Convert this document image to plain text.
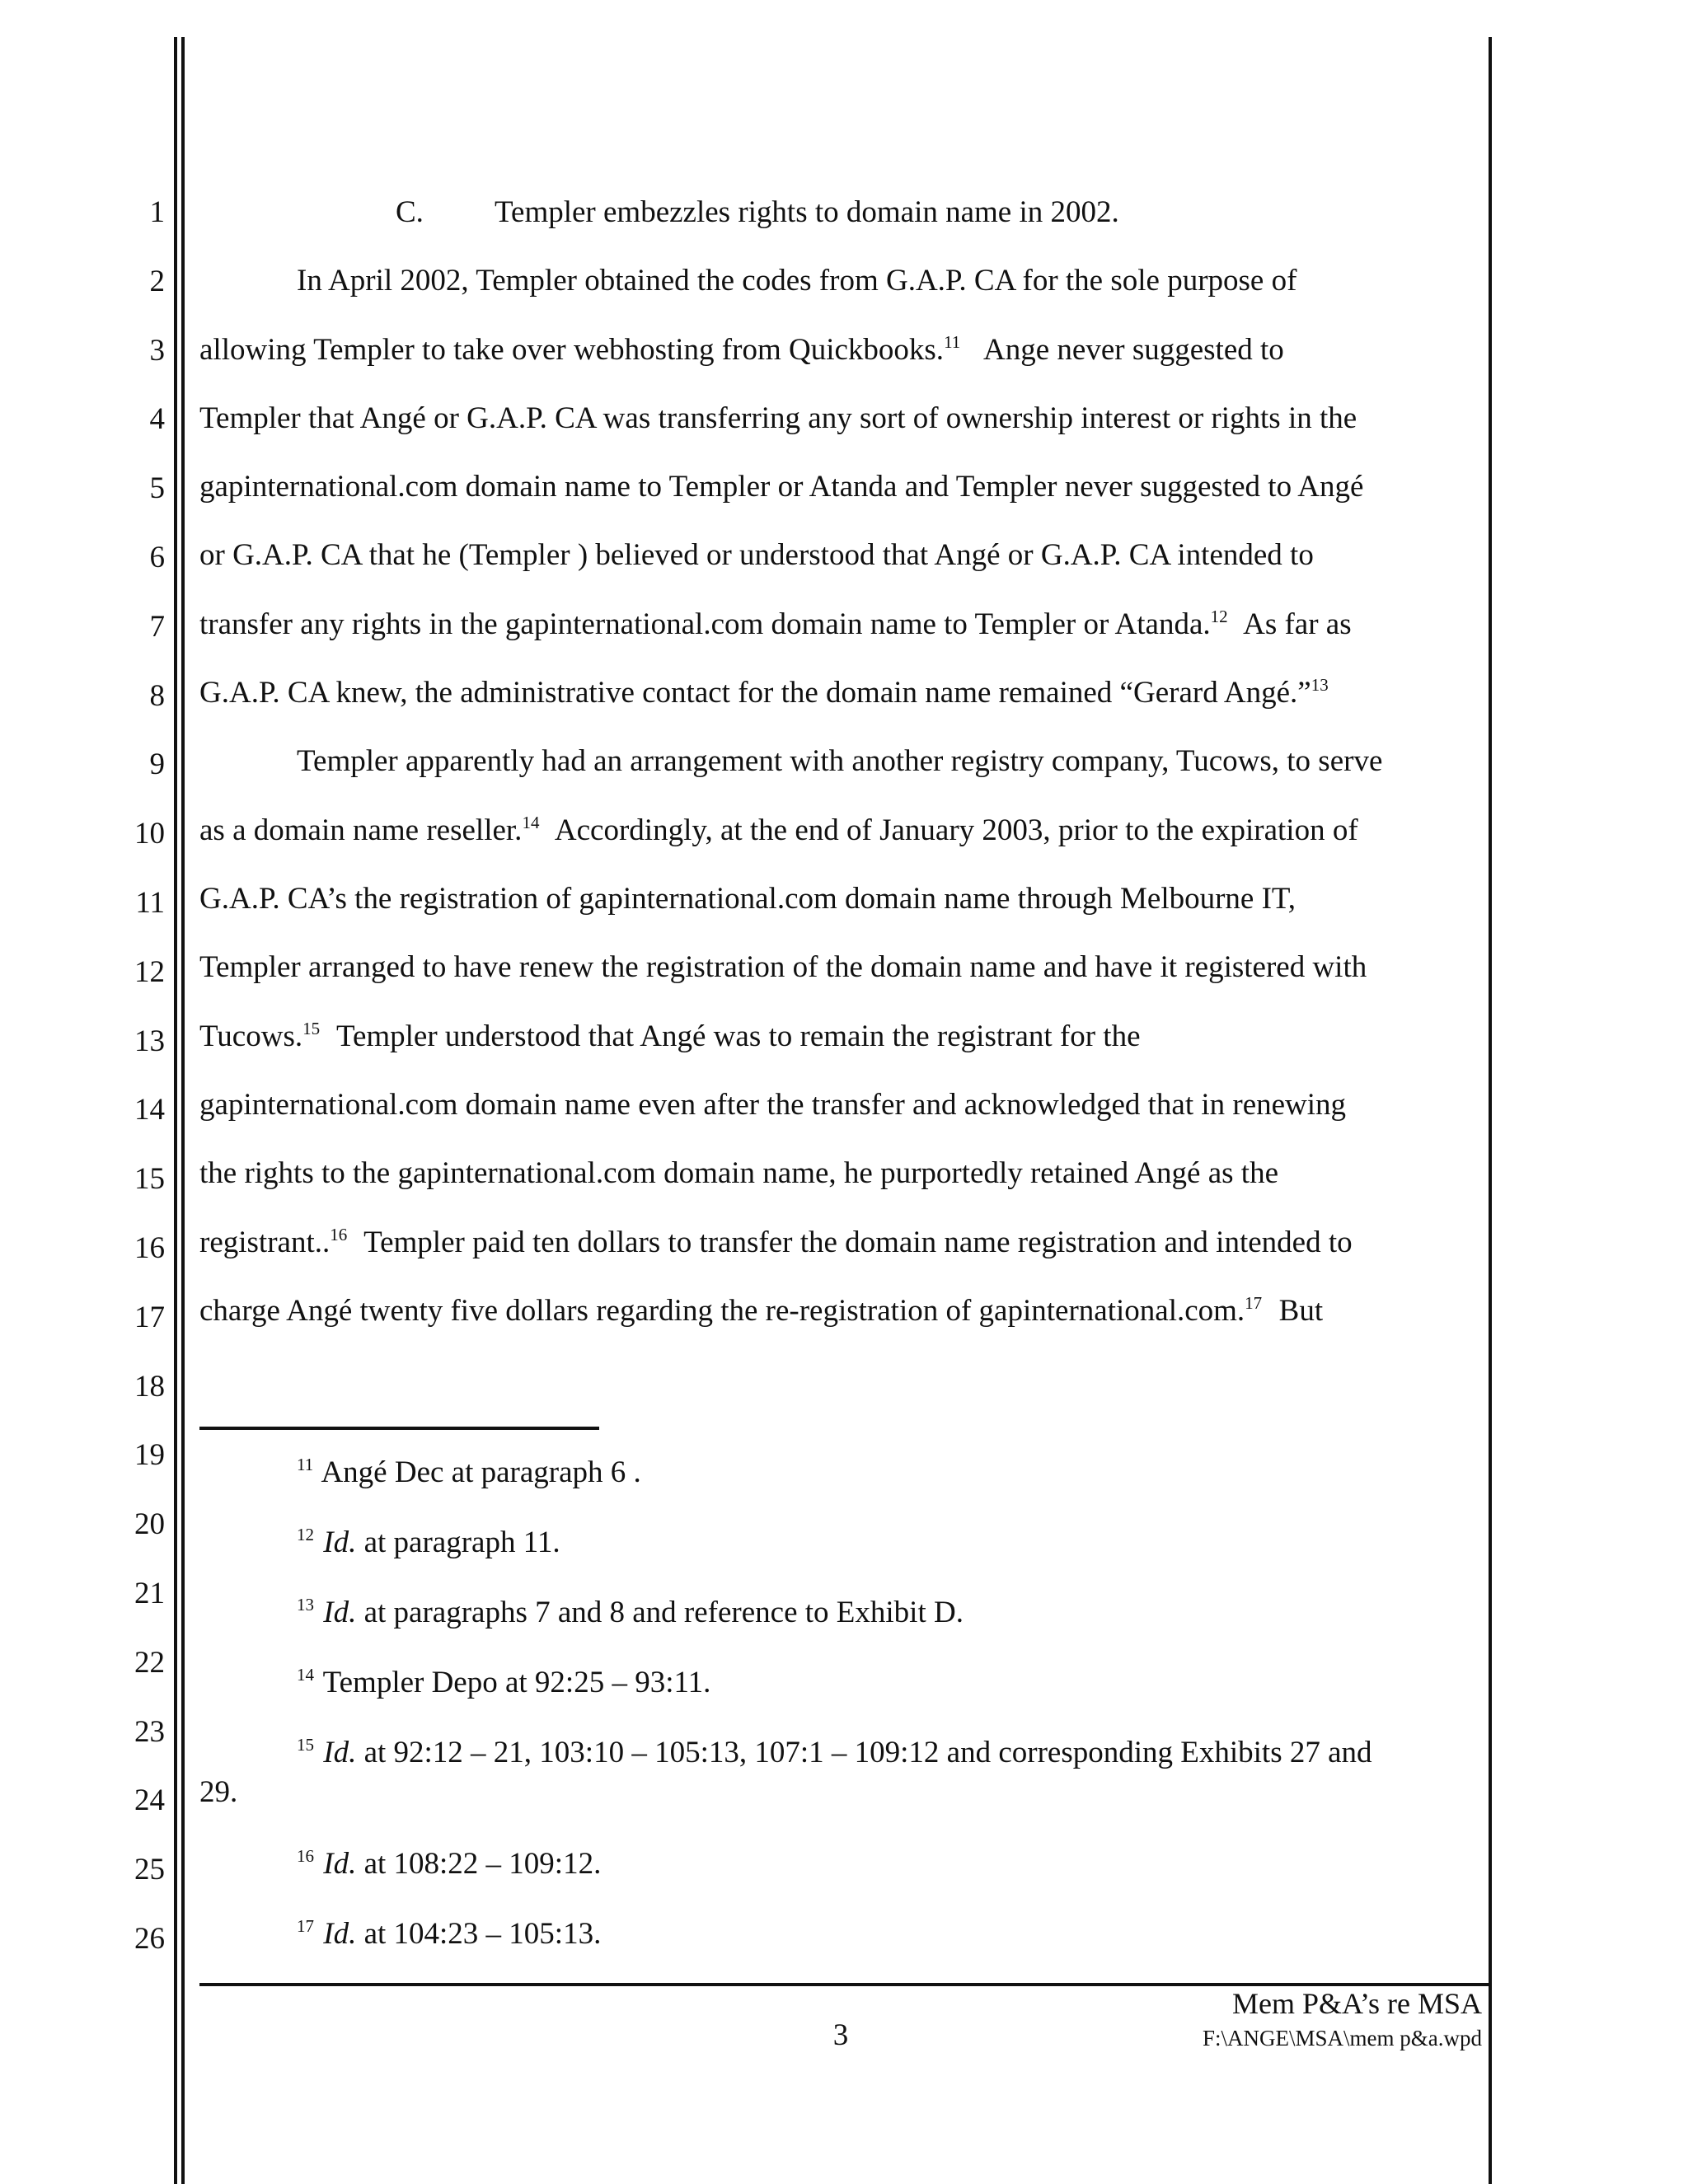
1
2
3
4
5
6
7
8
9
10
11
12
13
14
15
16
17
18
19
20
21
22
23
24
25
26
C. Templer embezzles rights to domain name in 2002.
In April 2002, Templer obtained the codes from G.A.P. CA for the sole purpose of
allowing Templer to take over webhosting from Quickbooks.$^{11}$ Ange never suggested to
Templer that Angé or G.A.P. CA was transferring any sort of ownership interest or rights in the
gapinternational.com domain name to Templer or Atanda and Templer never suggested to Angé
or G.A.P. CA that he (Templer ) believed or understood that Angé or G.A.P. CA intended to
transfer any rights in the gapinternational.com domain name to Templer or Atanda.$^{12}$ As far as
G.A.P. CA knew, the administrative contact for the domain name remained “Gerard Angé.”$^{13}$
Templer apparently had an arrangement with another registry company, Tucows, to serve
as a domain name reseller.$^{14}$ Accordingly, at the end of January 2003, prior to the expiration of
G.A.P. CA’s the registration of gapinternational.com domain name through Melbourne IT,
Templer arranged to have renew the registration of the domain name and have it registered with
Tucows.$^{15}$ Templer understood that Angé was to remain the registrant for the
gapinternational.com domain name even after the transfer and acknowledged that in renewing
the rights to the gapinternational.com domain name, he purportedly retained Angé as the
registrant..$^{16}$ Templer paid ten dollars to transfer the domain name registration and intended to
charge Angé twenty five dollars regarding the re-registration of gapinternational.com.$^{17}$ But
$^{11}$ Angé Dec at paragraph 6 .
$^{12}$ Id. at paragraph 11.
$^{13}$ Id. at paragraphs 7 and 8 and reference to Exhibit D.
$^{14}$ Templer Depo at 92:25 – 93:11.
$^{15}$ Id. at 92:12 – 21, 103:10 – 105:13, 107:1 – 109:12 and corresponding Exhibits 27 and
29.
$^{16}$ Id. at 108:22 – 109:12.
$^{17}$ Id. at 104:23 – 105:13.
3
Mem P&A’s re MSA
F:\ANGE\MSA\mem p&a.wpd
